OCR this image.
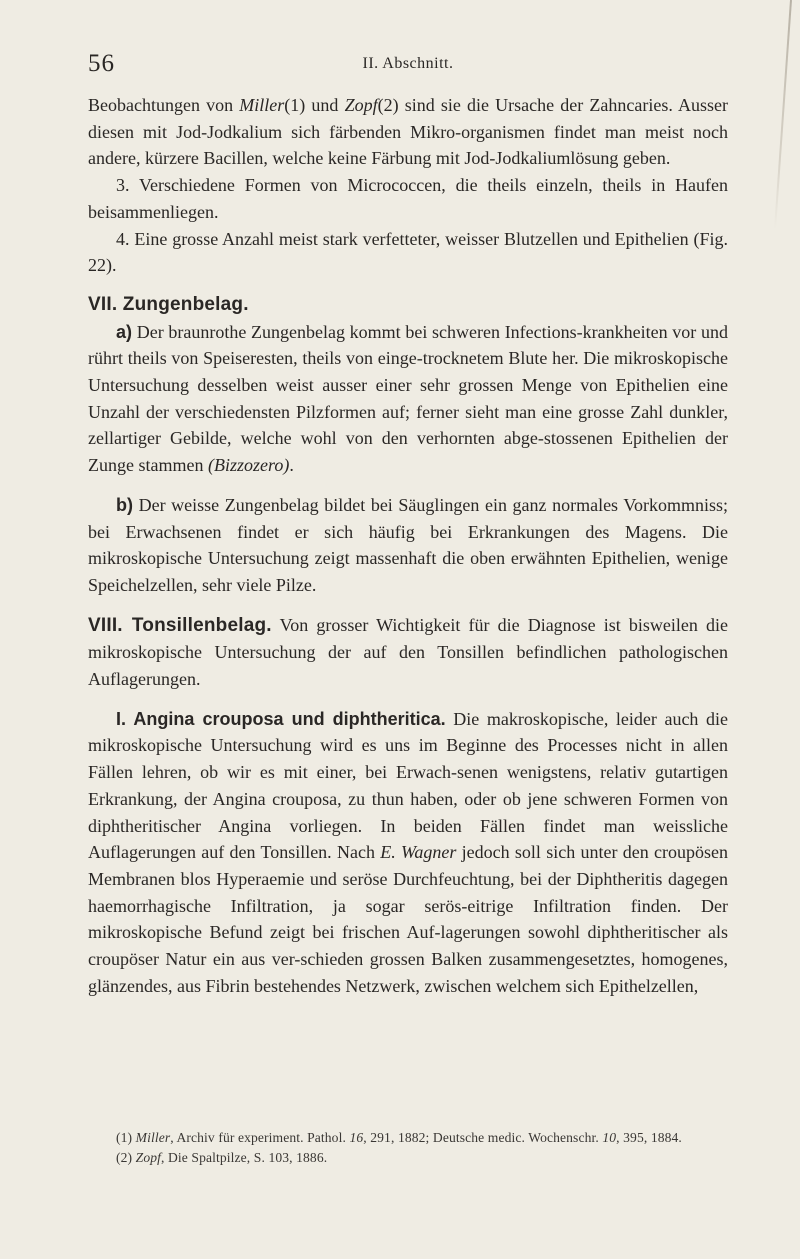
56	II. Abschnitt.

Beobachtungen von Miller(1) und Zopf(2) sind sie die Ursache der Zahncaries. Ausser diesen mit Jod-Jodkalium sich färbenden Mikro-organismen findet man meist noch andere, kürzere Bacillen, welche keine Färbung mit Jod-Jodkaliumlösung geben.

3. Verschiedene Formen von Micrococcen, die theils einzeln, theils in Haufen beisammenliegen.

4. Eine grosse Anzahl meist stark verfetteter, weisser Blutzellen und Epithelien (Fig. 22).

VII. Zungenbelag.

a) Der braunrothe Zungenbelag kommt bei schweren Infections-krankheiten vor und rührt theils von Speiseresten, theils von einge-trocknetem Blute her. Die mikroskopische Untersuchung desselben weist ausser einer sehr grossen Menge von Epithelien eine Unzahl der verschiedensten Pilzformen auf; ferner sieht man eine grosse Zahl dunkler, zellartiger Gebilde, welche wohl von den verhornten abge-stossenen Epithelien der Zunge stammen (Bizzozero).

b) Der weisse Zungenbelag bildet bei Säuglingen ein ganz normales Vorkommniss; bei Erwachsenen findet er sich häufig bei Erkrankungen des Magens. Die mikroskopische Untersuchung zeigt massenhaft die oben erwähnten Epithelien, wenige Speichelzellen, sehr viele Pilze.

VIII. Tonsillenbelag. Von grosser Wichtigkeit für die Diagnose ist bisweilen die mikroskopische Untersuchung der auf den Tonsillen befindlichen pathologischen Auflagerungen.

I. Angina crouposa und diphtheritica. Die makroskopische, leider auch die mikroskopische Untersuchung wird es uns im Beginne des Processes nicht in allen Fällen lehren, ob wir es mit einer, bei Erwach-senen wenigstens, relativ gutartigen Erkrankung, der Angina crouposa, zu thun haben, oder ob jene schweren Formen von diphtheritischer Angina vorliegen. In beiden Fällen findet man weissliche Auflagerungen auf den Tonsillen. Nach E. Wagner jedoch soll sich unter den croupösen Membranen blos Hyperaemie und seröse Durchfeuchtung, bei der Diphtheritis dagegen haemorrhagische Infiltration, ja sogar serös-eitrige Infiltration finden. Der mikroskopische Befund zeigt bei frischen Auf-lagerungen sowohl diphtheritischer als croupöser Natur ein aus ver-schieden grossen Balken zusammengesetztes, homogenes, glänzendes, aus Fibrin bestehendes Netzwerk, zwischen welchem sich Epithelzellen,

(1) Miller, Archiv für experiment. Pathol. 16, 291, 1882; Deutsche medic. Wochenschr. 10, 395, 1884.

(2) Zopf, Die Spaltpilze, S. 103, 1886.
